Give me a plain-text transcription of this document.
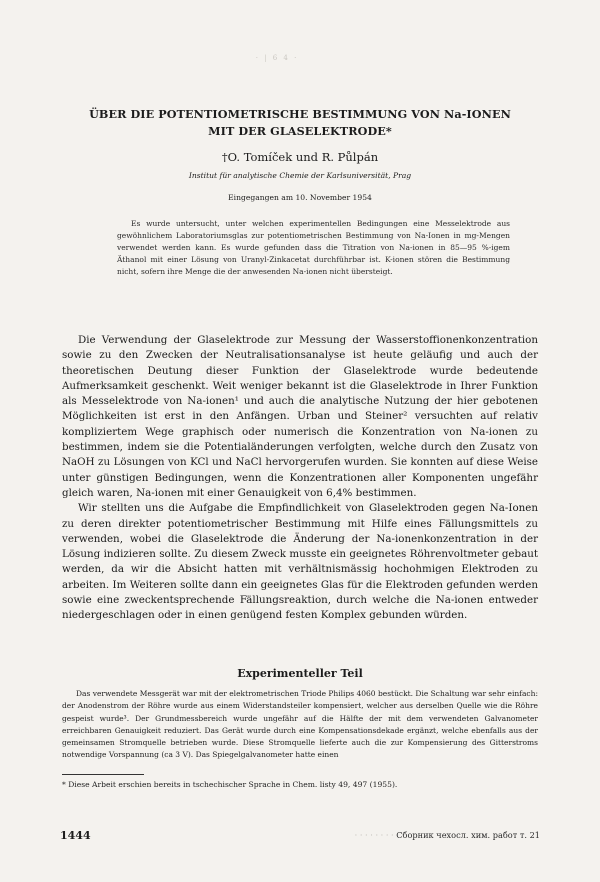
· | 6 4 ·
ÜBER DIE POTENTIOMETRISCHE BESTIMMUNG VON Na-IONEN
MIT DER GLASELEKTRODE*
†O. Tomíček und R. Půlpán
Institut für analytische Chemie der Karlsuniversität, Prag
Eingegangen am 10. November 1954
Es wurde untersucht, unter welchen experimentellen Bedingungen eine Messelektrode aus gewöhnlichem Laboratoriumsglas zur potentiometrischen Bestimmung von Na-Ionen in mg-Mengen verwendet werden kann. Es wurde gefunden dass die Titration von Na-ionen in 85—95 %-igem Äthanol mit einer Lösung von Uranyl-Zinkacetat durchführbar ist. K-ionen stören die Bestimmung nicht, sofern ihre Menge die der anwesenden Na-ionen nicht übersteigt.

Die Verwendung der Glaselektrode zur Messung der Wasserstoffionenkonzentration sowie zu den Zwecken der Neutralisationsanalyse ist heute geläufig und auch der theoretischen Deutung dieser Funktion der Glaselektrode wurde bedeutende Aufmerksamkeit geschenkt. Weit weniger bekannt ist die Glaselektrode in Ihrer Funktion als Messelektrode von Na-ionen¹ und auch die analytische Nutzung der hier gebotenen Möglichkeiten ist erst in den Anfängen. Urban und Steiner² versuchten auf relativ kompliziertem Wege graphisch oder numerisch die Konzentration von Na-ionen zu bestimmen, indem sie die Potentialänderungen verfolgten, welche durch den Zusatz von NaOH zu Lösungen von KCl und NaCl hervorgerufen wurden. Sie konnten auf diese Weise unter günstigen Bedingungen, wenn die Konzentrationen aller Komponenten ungefähr gleich waren, Na-ionen mit einer Genauigkeit von 6,4% bestimmen.

Wir stellten uns die Aufgabe die Empfindlichkeit von Glaselektroden gegen Na-Ionen zu deren direkter potentiometrischer Bestimmung mit Hilfe eines Fällungsmittels zu verwenden, wobei die Glaselektrode die Änderung der Na-ionenkonzentration in der Lösung indizieren sollte. Zu diesem Zweck musste ein geeignetes Röhrenvoltmeter gebaut werden, da wir die Absicht hatten mit verhältnismässig hochohmigen Elektroden zu arbeiten. Im Weiteren sollte dann ein geeignetes Glas für die Elektroden gefunden werden sowie eine zweckentsprechende Fällungsreaktion, durch welche die Na-ionen entweder niedergeschlagen oder in einen genügend festen Komplex gebunden würden.

Experimenteller Teil

Das verwendete Messgerät war mit der elektrometrischen Triode Philips 4060 bestückt. Die Schaltung war sehr einfach: der Anodenstrom der Röhre wurde aus einem Widerstandsteiler kompensiert, welcher aus derselben Quelle wie die Röhre gespeist wurde³. Der Grundmessbereich wurde ungefähr auf die Hälfte der mit dem verwendeten Galvanometer erreichbaren Genauigkeit reduziert. Das Gerät wurde durch eine Kompensationsdekade ergänzt, welche ebenfalls aus der gemeinsamen Stromquelle betrieben wurde. Diese Stromquelle lieferte auch die zur Kompensierung des Gitterstroms notwendige Vorspannung (ca 3 V). Das Spiegelgalvanometer hatte einen

* Diese Arbeit erschien bereits in tschechischer Sprache in Chem. listy 49, 497 (1955).
1444	· · · · · · · · Сборник чехосл. хим. работ т. 21
